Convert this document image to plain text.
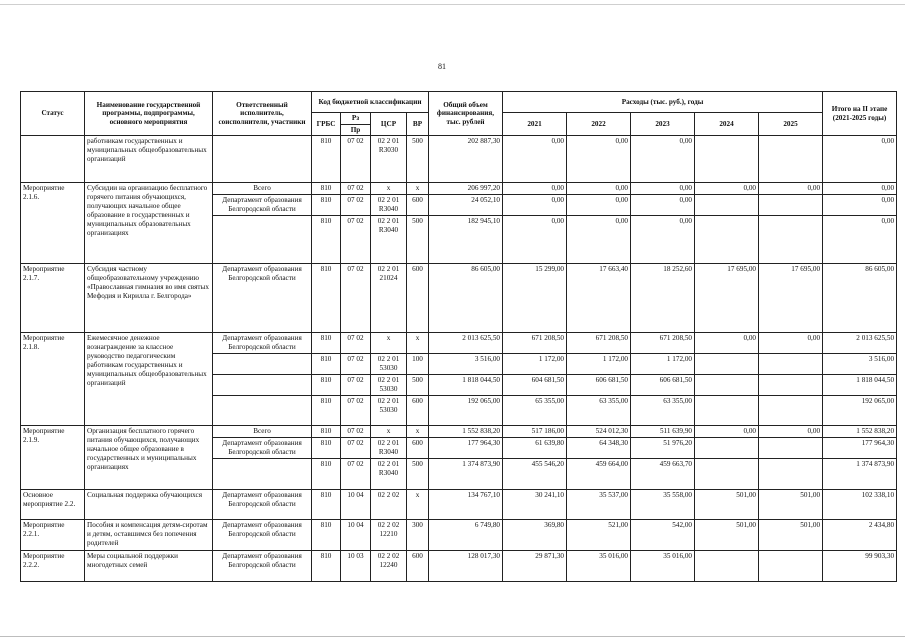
81
Статус	Наименование государственной программы, подпрограммы, основного мероприятия	Ответственный исполнитель, соисполнители, участники	Код бюджетной классификации				Общий объем финансирования, тыс. рублей	Расходы (тыс. руб.), годы					Итого на II этапе (2021-2025 годы)
			ГРБС	Рз	ЦСР	ВР		2021	2022	2023	2024	2025	
				Пр									
	работникам государственных и муниципальных общеобразовательных организаций		810	07 02	02 2 01 R3030	500	202 887,30	0,00	0,00	0,00			0,00
Мероприятие 2.1.6.	Субсидии на организацию бесплатного горячего питания обучающихся, получающих начальное общее образование в государственных и муниципальных образовательных организациях	Всего	810	07 02	х	х	206 997,20	0,00	0,00	0,00	0,00	0,00	0,00
		Департамент образования Белгородской области	810	07 02	02 2 01 R3040	600	24 052,10	0,00	0,00	0,00			0,00
			810	07 02	02 2 01 R3040	500	182 945,10	0,00	0,00	0,00			0,00
Мероприятие 2.1.7.	Субсидия частному общеобразовательному учреждению «Православная гимназия во имя святых Мефодия и Кирилла г. Белгорода»	Департамент образования Белгородской области	810	07 02	02 2 01 21024	600	86 605,00	15 299,00	17 663,40	18 252,60	17 695,00	17 695,00	86 605,00
Мероприятие 2.1.8.	Ежемесячное денежное вознаграждение за классное руководство педагогическим работникам государственных и муниципальных общеобразовательных организаций	Департамент образования Белгородской области	810	07 02	х	х	2 013 625,50	671 208,50	671 208,50	671 208,50	0,00	0,00	2 013 625,50
			810	07 02	02 2 01 53030	100	3 516,00	1 172,00	1 172,00	1 172,00			3 516,00
			810	07 02	02 2 01 53030	500	1 818 044,50	604 681,50	606 681,50	606 681,50			1 818 044,50
			810	07 02	02 2 01 53030	600	192 065,00	65 355,00	63 355,00	63 355,00			192 065,00
Мероприятие 2.1.9.	Организация бесплатного горячего питания обучающихся, получающих начальное общее образование в государственных и муниципальных организациях	Всего	810	07 02	х	х	1 552 838,20	517 186,00	524 012,30	511 639,90	0,00	0,00	1 552 838,20
		Департамент образования Белгородской области	810	07 02	02 2 01 R3040	600	177 964,30	61 639,80	64 348,30	51 976,20			177 964,30
			810	07 02	02 2 01 R3040	500	1 374 873,90	455 546,20	459 664,00	459 663,70			1 374 873,90
Основное мероприятие 2.2.	Социальная поддержка обучающихся	Департамент образования Белгородской области	810	10 04	02 2 02	х	134 767,10	30 241,10	35 537,00	35 558,00	501,00	501,00	102 338,10
Мероприятие 2.2.1.	Пособия и компенсация детям-сиротам и детям, оставшимся без попечения родителей	Департамент образования Белгородской области	810	10 04	02 2 02 12210	300	6 749,80	369,80	521,00	542,00	501,00	501,00	2 434,80
Мероприятие 2.2.2.	Меры социальной поддержки многодетных семей	Департамент образования Белгородской области	810	10 03	02 2 02 12240	600	128 017,30	29 871,30	35 016,00	35 016,00			99 903,30
